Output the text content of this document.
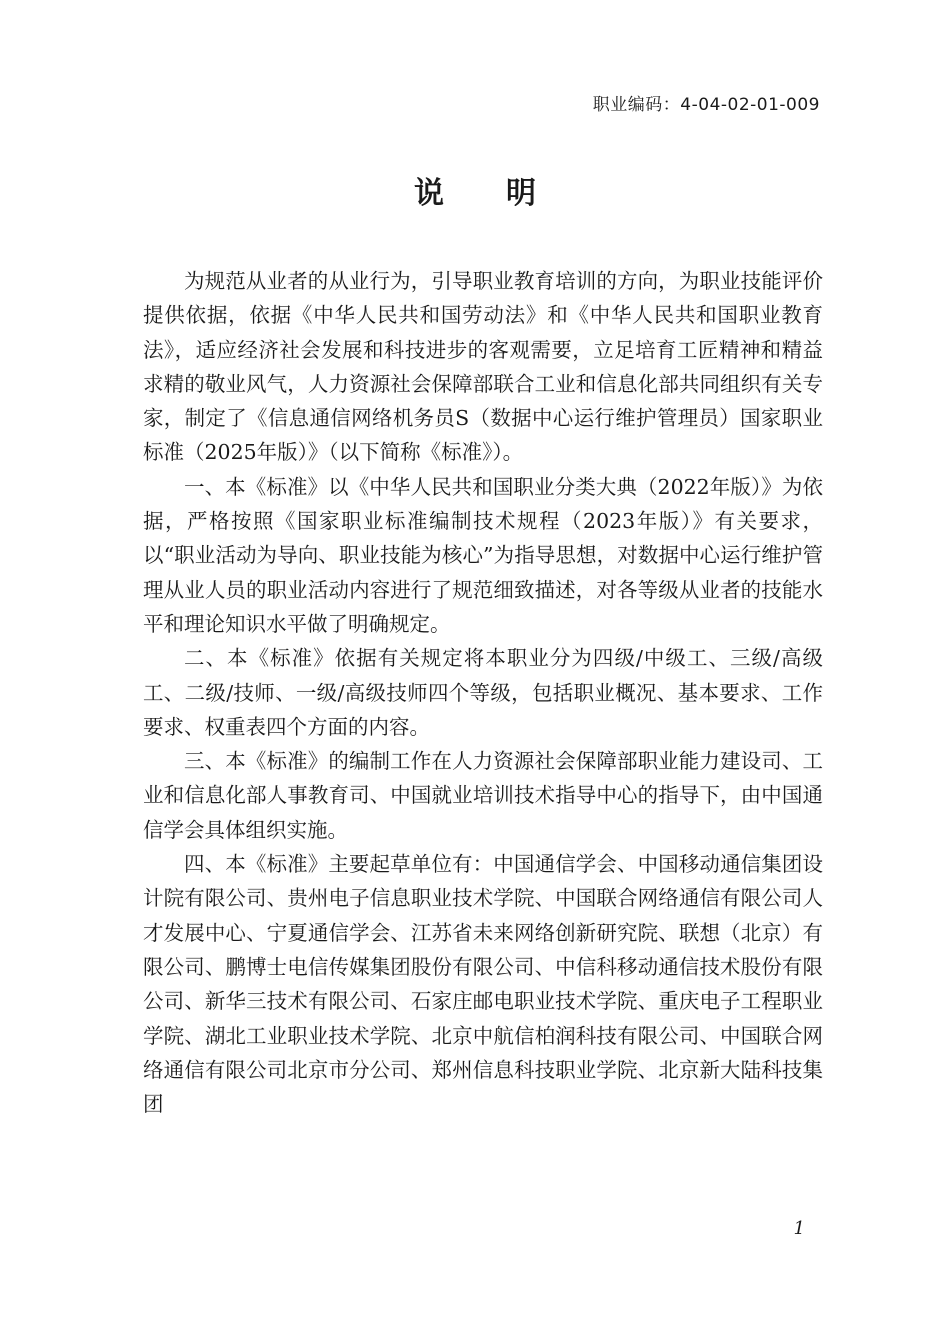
职业编码：4-04-02-01-009
说 明

为规范从业者的从业行为，引导职业教育培训的方向，为职业技能评价提供依据，依据《中华人民共和国劳动法》和《中华人民共和国职业教育法》，适应经济社会发展和科技进步的客观需要，立足培育工匠精神和精益求精的敬业风气，人力资源社会保障部联合工业和信息化部共同组织有关专家，制定了《信息通信网络机务员S（数据中心运行维护管理员）国家职业标准（2025年版）》（以下简称《标准》）。

一、本《标准》以《中华人民共和国职业分类大典（2022年版）》为依据，严格按照《国家职业标准编制技术规程（2023年版）》有关要求，以“职业活动为导向、职业技能为核心”为指导思想，对数据中心运行维护管理从业人员的职业活动内容进行了规范细致描述，对各等级从业者的技能水平和理论知识水平做了明确规定。

二、本《标准》依据有关规定将本职业分为四级/中级工、三级/高级工、二级/技师、一级/高级技师四个等级，包括职业概况、基本要求、工作要求、权重表四个方面的内容。

三、本《标准》的编制工作在人力资源社会保障部职业能力建设司、工业和信息化部人事教育司、中国就业培训技术指导中心的指导下，由中国通信学会具体组织实施。

四、本《标准》主要起草单位有：中国通信学会、中国移动通信集团设计院有限公司、贵州电子信息职业技术学院、中国联合网络通信有限公司人才发展中心、宁夏通信学会、江苏省未来网络创新研究院、联想（北京）有限公司、鹏博士电信传媒集团股份有限公司、中信科移动通信技术股份有限公司、新华三技术有限公司、石家庄邮电职业技术学院、重庆电子工程职业学院、湖北工业职业技术学院、北京中航信柏润科技有限公司、中国联合网络通信有限公司北京市分公司、郑州信息科技职业学院、北京新大陆科技集团

1
